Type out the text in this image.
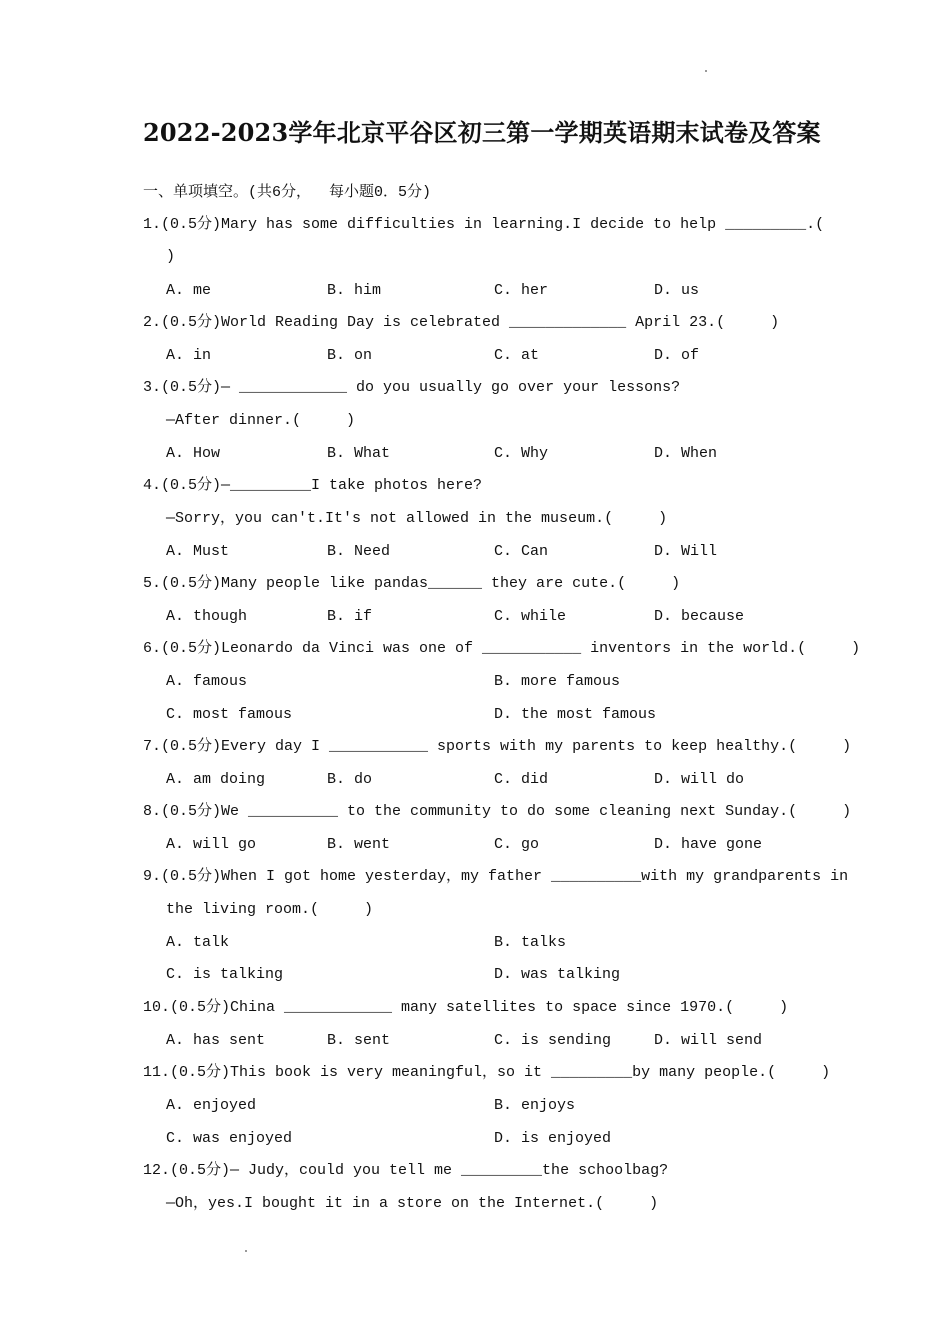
2022-2023学年北京平谷区初三第一学期英语期末试卷及答案
一、单项填空。(共6分，  每小题0．5分)
1.(0.5分)Mary has some difficulties in learning.I decide to help _________.(
)
A. me	B. him	C. her	D. us
2.(0.5分)World Reading Day is celebrated _____________ April 23.(     )
A. in	B. on	C. at	D. of
3.(0.5分)— ____________ do you usually go over your lessons?
—After dinner.(     )
A. How	B. What	C. Why	D. When
4.(0.5分)—_________I take photos here?
—Sorry，you can't.It's not allowed in the museum.(     )
A. Must	B. Need	C. Can	D. Will
5.(0.5分)Many people like pandas______ they are cute.(     )
A. though	B. if	C. while	D. because
6.(0.5分)Leonardo da Vinci was one of ___________ inventors in the world.(     )
A. famous	B. more famous
C. most famous	D. the most famous
7.(0.5分)Every day I ___________ sports with my parents to keep healthy.(     )
A. am doing	B. do	C. did	D. will do
8.(0.5分)We __________ to the community to do some cleaning next Sunday.(     )
A. will go	B. went	C. go	D. have gone
9.(0.5分)When I got home yesterday，my father __________with my grandparents in
the living room.(     )
A. talk	B. talks
C. is talking	D. was talking
10.(0.5分)China ____________ many satellites to space since 1970.(     )
A. has sent	B. sent	C. is sending	D. will send
11.(0.5分)This book is very meaningful，so it _________by many people.(     )
A. enjoyed	B. enjoys
C. was enjoyed	D. is enjoyed
12.(0.5分)— Judy，could you tell me _________the schoolbag?
—Oh，yes.I bought it in a store on the Internet.(     )
